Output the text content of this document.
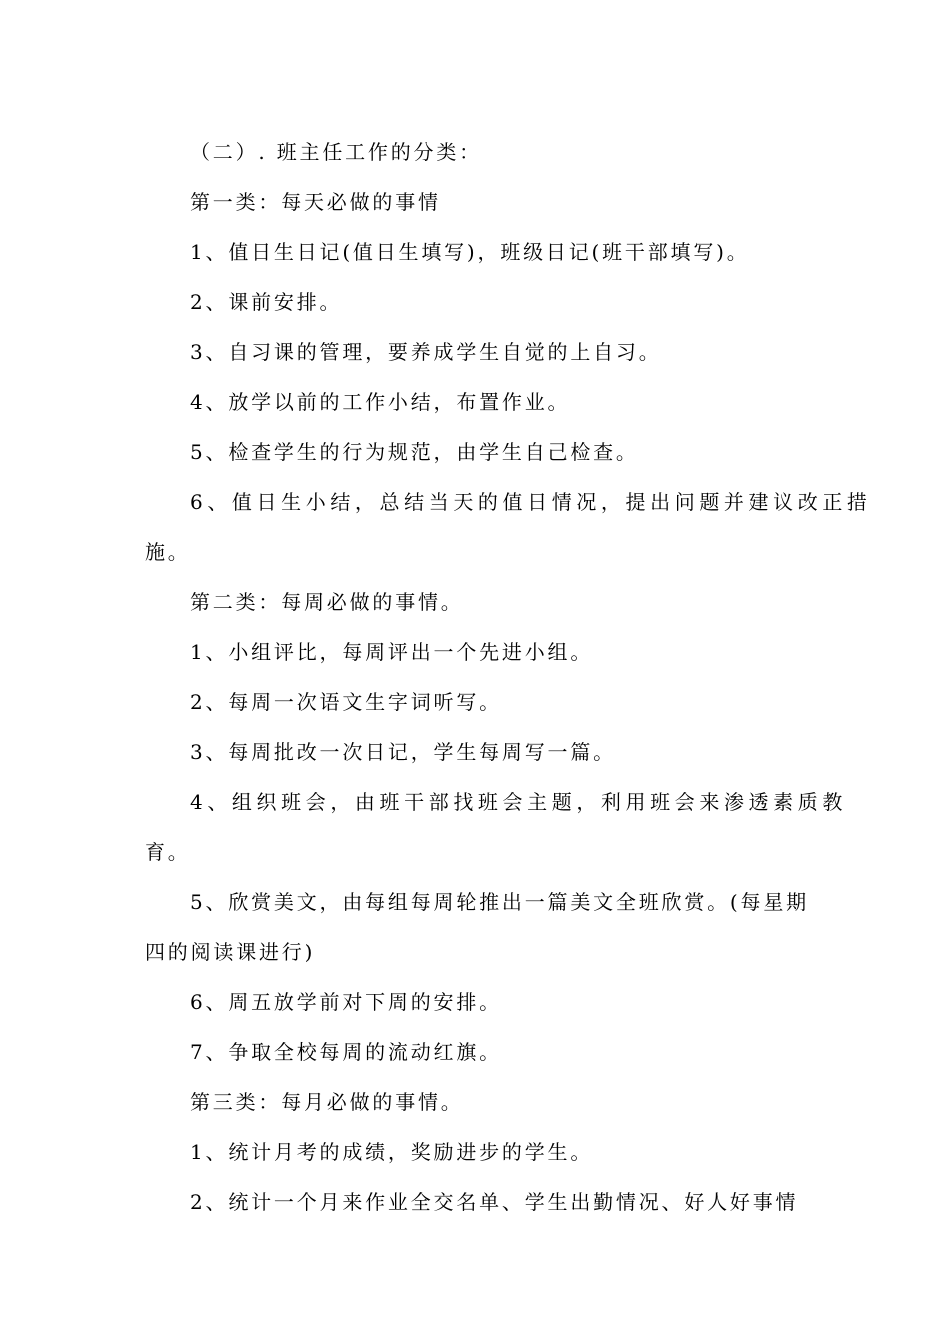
（二）. 班主任工作的分类：
第一类：每天必做的事情
1、值日生日记(值日生填写)，班级日记(班干部填写)。
2、课前安排。
3、自习课的管理，要养成学生自觉的上自习。
4、放学以前的工作小结，布置作业。
5、检查学生的行为规范，由学生自己检查。
6、值日生小结，总结当天的值日情况，提出问题并建议改正措
施。
第二类：每周必做的事情。
1、小组评比，每周评出一个先进小组。
2、每周一次语文生字词听写。
3、每周批改一次日记，学生每周写一篇。
4、组织班会，由班干部找班会主题，利用班会来渗透素质教
育。
5、欣赏美文，由每组每周轮推出一篇美文全班欣赏。(每星期
四的阅读课进行)
6、周五放学前对下周的安排。
7、争取全校每周的流动红旗。
第三类：每月必做的事情。
1、统计月考的成绩，奖励进步的学生。
2、统计一个月来作业全交名单、学生出勤情况、好人好事情
